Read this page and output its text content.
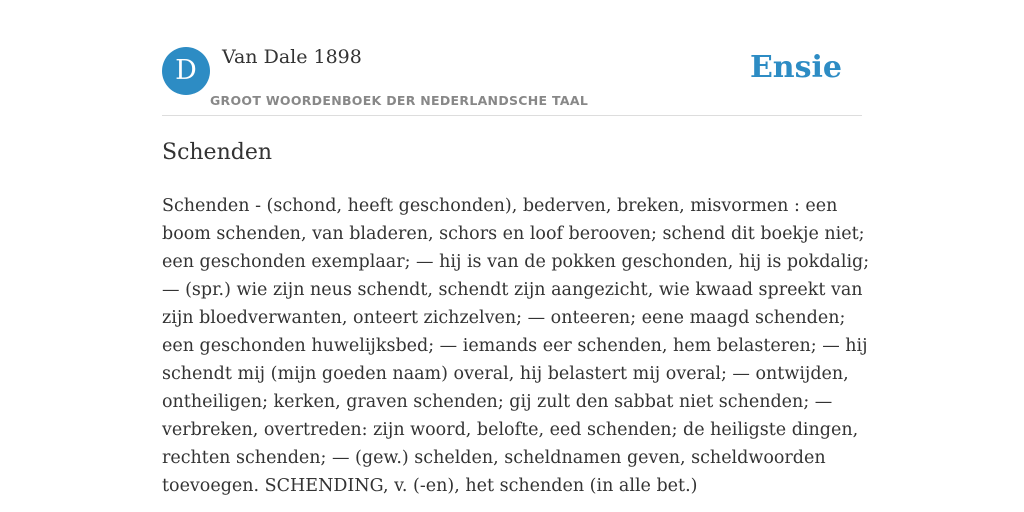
D	Van Dale 1898
GROOT WOORDENBOEK DER NEDERLANDSCHE TAAL
Ensie
Schenden

Schenden - (schond, heeft geschonden), bederven, breken, misvormen : een boom schenden, van bladeren, schors en loof berooven; schend dit boekje niet; een geschonden exemplaar; — hij is van de pokken geschonden, hij is pokdalig; — (spr.) wie zijn neus schendt, schendt zijn aangezicht, wie kwaad spreekt van zijn bloedverwanten, onteert zichzelven; — onteeren; eene maagd schenden; een geschonden huwelijksbed; — iemands eer schenden, hem belasteren; — hij schendt mij (mijn goeden naam) overal, hij belastert mij overal; — ontwijden, ontheiligen; kerken, graven schenden; gij zult den sabbat niet schenden; — verbreken, overtreden: zijn woord, belofte, eed schenden; de heiligste dingen, rechten schenden; — (gew.) schelden, scheldnamen geven, scheldwoorden toevoegen. SCHENDING, v. (-en), het schenden (in alle bet.)
